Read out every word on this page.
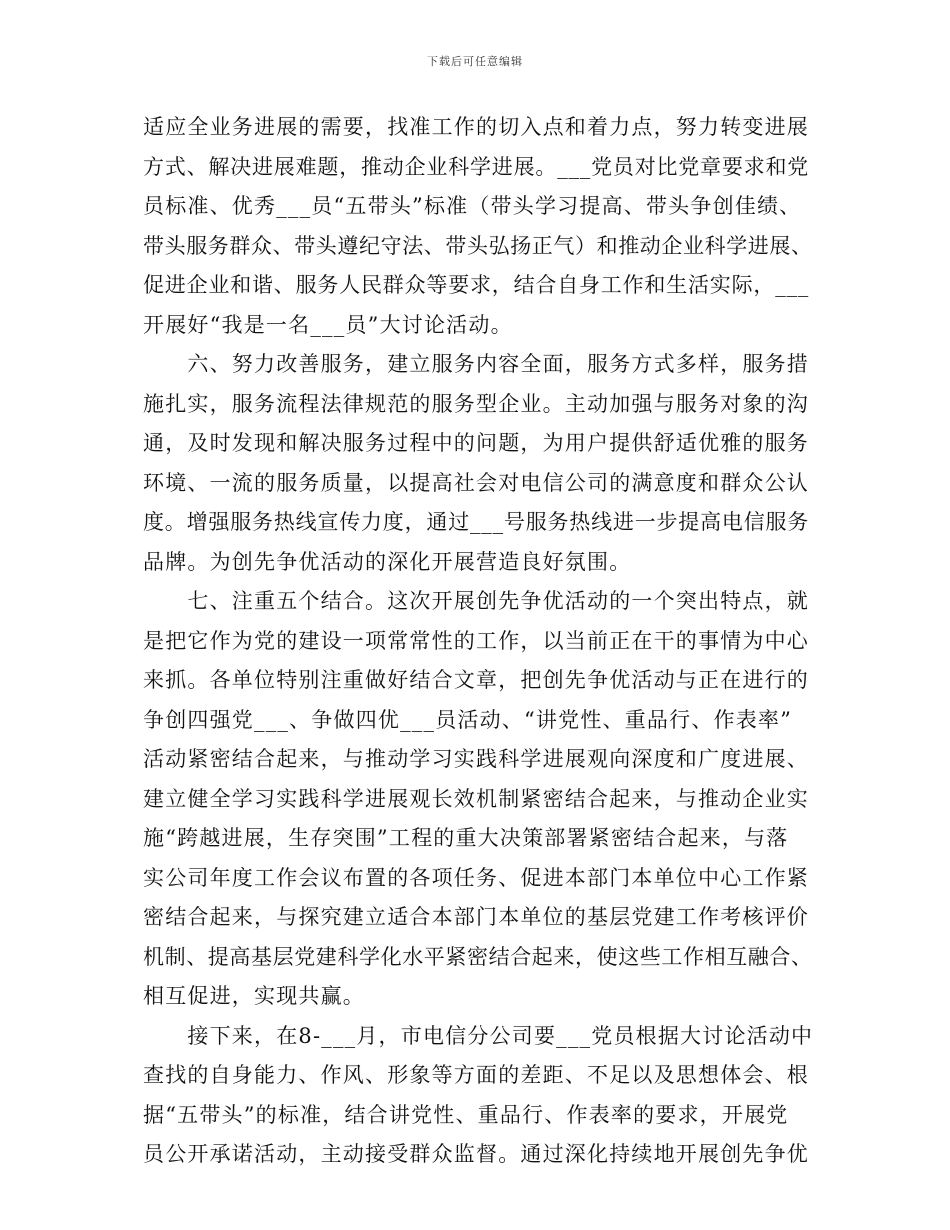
下载后可任意编辑
适应全业务进展的需要，找准工作的切入点和着力点，努力转变进展
方式、解决进展难题，推动企业科学进展。___党员对比党章要求和党
员标准、优秀___员“五带头”标准（带头学习提高、带头争创佳绩、
带头服务群众、带头遵纪守法、带头弘扬正气）和推动企业科学进展、
促进企业和谐、服务人民群众等要求，结合自身工作和生活实际，___
开展好“我是一名___员”大讨论活动。
　　六、努力改善服务，建立服务内容全面，服务方式多样，服务措
施扎实，服务流程法律规范的服务型企业。主动加强与服务对象的沟
通，及时发现和解决服务过程中的问题，为用户提供舒适优雅的服务
环境、一流的服务质量，以提高社会对电信公司的满意度和群众公认
度。增强服务热线宣传力度，通过___号服务热线进一步提高电信服务
品牌。为创先争优活动的深化开展营造良好氛围。
　　七、注重五个结合。这次开展创先争优活动的一个突出特点，就
是把它作为党的建设一项常常性的工作，以当前正在干的事情为中心
来抓。各单位特别注重做好结合文章，把创先争优活动与正在进行的
争创四强党___、争做四优___员活动、“讲党性、重品行、作表率”
活动紧密结合起来，与推动学习实践科学进展观向深度和广度进展、
建立健全学习实践科学进展观长效机制紧密结合起来，与推动企业实
施“跨越进展，生存突围”工程的重大决策部署紧密结合起来，与落
实公司年度工作会议布置的各项任务、促进本部门本单位中心工作紧
密结合起来，与探究建立适合本部门本单位的基层党建工作考核评价
机制、提高基层党建科学化水平紧密结合起来，使这些工作相互融合、
相互促进，实现共赢。
　　接下来，在8-___月，市电信分公司要___党员根据大讨论活动中
查找的自身能力、作风、形象等方面的差距、不足以及思想体会、根
据“五带头”的标准，结合讲党性、重品行、作表率的要求，开展党
员公开承诺活动，主动接受群众监督。通过深化持续地开展创先争优
